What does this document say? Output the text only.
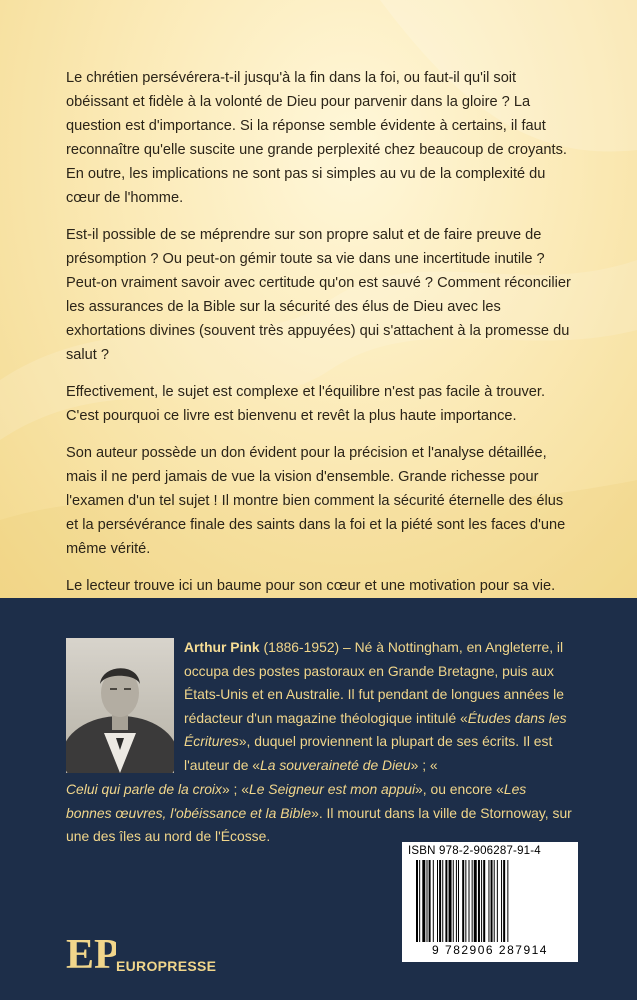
Le chrétien persévérera-t-il jusqu'à la fin dans la foi, ou faut-il qu'il soit obéissant et fidèle à la volonté de Dieu pour parvenir dans la gloire ? La question est d'importance. Si la réponse semble évidente à certains, il faut reconnaître qu'elle suscite une grande perplexité chez beaucoup de croyants. En outre, les implications ne sont pas si simples au vu de la complexité du cœur de l'homme.

Est-il possible de se méprendre sur son propre salut et de faire preuve de présomption ? Ou peut-on gémir toute sa vie dans une incertitude inutile ? Peut-on vraiment savoir avec certitude qu'on est sauvé ? Comment réconcilier les assurances de la Bible sur la sécurité des élus de Dieu avec les exhortations divines (souvent très appuyées) qui s'attachent à la promesse du salut ?

Effectivement, le sujet est complexe et l'équilibre n'est pas facile à trouver. C'est pourquoi ce livre est bienvenu et revêt la plus haute importance.

Son auteur possède un don évident pour la précision et l'analyse détaillée, mais il ne perd jamais de vue la vision d'ensemble. Grande richesse pour l'examen d'un tel sujet ! Il montre bien comment la sécurité éternelle des élus et la persévérance finale des saints dans la foi et la piété sont les faces d'une même vérité.

Le lecteur trouve ici un baume pour son cœur et une motivation pour sa vie.

Arthur Pink (1886-1952) – Né à Nottingham, en Angleterre, il occupa des postes pastoraux en Grande Bretagne, puis aux États-Unis et en Australie. Il fut pendant de longues années le rédacteur d'un magazine théologique intitulé «Études dans les Écritures», duquel proviennent la plupart de ses écrits. Il est l'auteur de «La souveraineté de Dieu» ; «
Celui qui parle de la croix» ; «Le Seigneur est mon appui», ou encore «Les bonnes œuvres, l'obéissance et la Bible». Il mourut dans la ville de Stornoway, sur une des îles au nord de l'Écosse.
ISBN 978-2-906287-91-4
9 782906 287914
EP
EUROPRESSE
